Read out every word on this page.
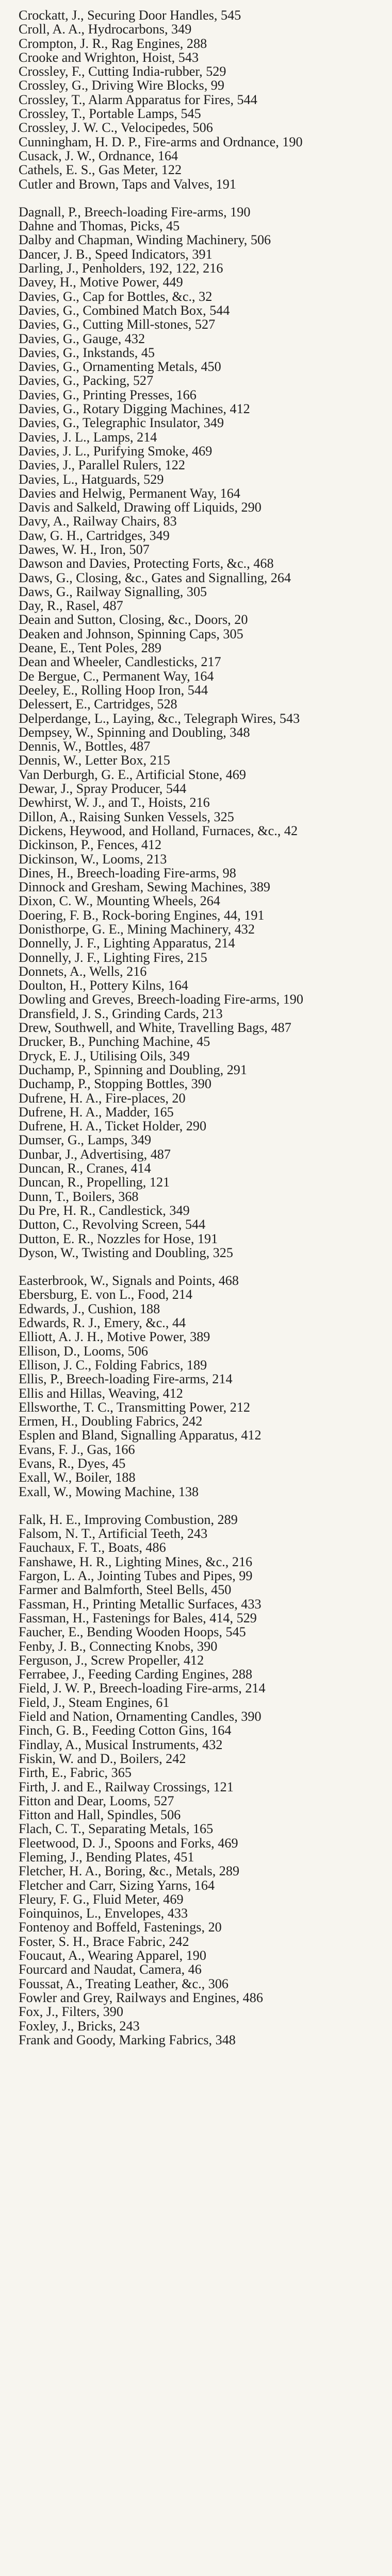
Crockatt, J., Securing Door Handles, 545

Croll, A. A., Hydrocarbons, 349

Crompton, J. R., Rag Engines, 288

Crooke and Wrighton, Hoist, 543

Crossley, F., Cutting India-rubber, 529

Crossley, G., Driving Wire Blocks, 99

Crossley, T., Alarm Apparatus for Fires, 544

Crossley, T., Portable Lamps, 545

Crossley, J. W. C., Velocipedes, 506

Cunningham, H. D. P., Fire-arms and Ordnance, 190

Cusack, J. W., Ordnance, 164

Cathels, E. S., Gas Meter, 122

Cutler and Brown, Taps and Valves, 191

Dagnall, P., Breech-loading Fire-arms, 190

Dahne and Thomas, Picks, 45

Dalby and Chapman, Winding Machinery, 506

Dancer, J. B., Speed Indicators, 391

Darling, J., Penholders, 192, 122, 216

Davey, H., Motive Power, 449

Davies, G., Cap for Bottles, &c., 32

Davies, G., Combined Match Box, 544

Davies, G., Cutting Mill-stones, 527

Davies, G., Gauge, 432

Davies, G., Inkstands, 45

Davies, G., Ornamenting Metals, 450

Davies, G., Packing, 527

Davies, G., Printing Presses, 166

Davies, G., Rotary Digging Machines, 412

Davies, G., Telegraphic Insulator, 349

Davies, J. L., Lamps, 214

Davies, J. L., Purifying Smoke, 469

Davies, J., Parallel Rulers, 122

Davies, L., Hatguards, 529

Davies and Helwig, Permanent Way, 164

Davis and Salkeld, Drawing off Liquids, 290

Davy, A., Railway Chairs, 83

Daw, G. H., Cartridges, 349

Dawes, W. H., Iron, 507

Dawson and Davies, Protecting Forts, &c., 468

Daws, G., Closing, &c., Gates and Signalling, 264

Daws, G., Railway Signalling, 305

Day, R., Rasel, 487

Deain and Sutton, Closing, &c., Doors, 20

Deaken and Johnson, Spinning Caps, 305

Deane, E., Tent Poles, 289

Dean and Wheeler, Candlesticks, 217

De Bergue, C., Permanent Way, 164

Deeley, E., Rolling Hoop Iron, 544

Delessert, E., Cartridges, 528

Delperdange, L., Laying, &c., Telegraph Wires, 543

Dempsey, W., Spinning and Doubling, 348

Dennis, W., Bottles, 487

Dennis, W., Letter Box, 215

Van Derburgh, G. E., Artificial Stone, 469

Dewar, J., Spray Producer, 544

Dewhirst, W. J., and T., Hoists, 216

Dillon, A., Raising Sunken Vessels, 325

Dickens, Heywood, and Holland, Furnaces, &c., 42

Dickinson, P., Fences, 412

Dickinson, W., Looms, 213

Dines, H., Breech-loading Fire-arms, 98

Dinnock and Gresham, Sewing Machines, 389

Dixon, C. W., Mounting Wheels, 264

Doering, F. B., Rock-boring Engines, 44, 191

Donisthorpe, G. E., Mining Machinery, 432

Donnelly, J. F., Lighting Apparatus, 214

Donnelly, J. F., Lighting Fires, 215

Donnets, A., Wells, 216

Doulton, H., Pottery Kilns, 164

Dowling and Greves, Breech-loading Fire-arms, 190

Dransfield, J. S., Grinding Cards, 213

Drew, Southwell, and White, Travelling Bags, 487

Drucker, B., Punching Machine, 45

Dryck, E. J., Utilising Oils, 349

Duchamp, P., Spinning and Doubling, 291

Duchamp, P., Stopping Bottles, 390

Dufrene, H. A., Fire-places, 20

Dufrene, H. A., Madder, 165

Dufrene, H. A., Ticket Holder, 290

Dumser, G., Lamps, 349

Dunbar, J., Advertising, 487

Duncan, R., Cranes, 414

Duncan, R., Propelling, 121

Dunn, T., Boilers, 368

Du Pre, H. R., Candlestick, 349

Dutton, C., Revolving Screen, 544

Dutton, E. R., Nozzles for Hose, 191

Dyson, W., Twisting and Doubling, 325

Easterbrook, W., Signals and Points, 468

Ebersburg, E. von L., Food, 214

Edwards, J., Cushion, 188

Edwards, R. J., Emery, &c., 44

Elliott, A. J. H., Motive Power, 389

Ellison, D., Looms, 506

Ellison, J. C., Folding Fabrics, 189

Ellis, P., Breech-loading Fire-arms, 214

Ellis and Hillas, Weaving, 412

Ellsworthe, T. C., Transmitting Power, 212

Ermen, H., Doubling Fabrics, 242

Esplen and Bland, Signalling Apparatus, 412

Evans, F. J., Gas, 166

Evans, R., Dyes, 45

Exall, W., Boiler, 188

Exall, W., Mowing Machine, 138

Falk, H. E., Improving Combustion, 289

Falsom, N. T., Artificial Teeth, 243

Fauchaux, F. T., Boats, 486

Fanshawe, H. R., Lighting Mines, &c., 216

Fargon, L. A., Jointing Tubes and Pipes, 99

Farmer and Balmforth, Steel Bells, 450

Fassman, H., Printing Metallic Surfaces, 433

Fassman, H., Fastenings for Bales, 414, 529

Faucher, E., Bending Wooden Hoops, 545

Fenby, J. B., Connecting Knobs, 390

Ferguson, J., Screw Propeller, 412

Ferrabee, J., Feeding Carding Engines, 288

Field, J. W. P., Breech-loading Fire-arms, 214

Field, J., Steam Engines, 61

Field and Nation, Ornamenting Candles, 390

Finch, G. B., Feeding Cotton Gins, 164

Findlay, A., Musical Instruments, 432

Fiskin, W. and D., Boilers, 242

Firth, E., Fabric, 365

Firth, J. and E., Railway Crossings, 121

Fitton and Dear, Looms, 527

Fitton and Hall, Spindles, 506

Flach, C. T., Separating Metals, 165

Fleetwood, D. J., Spoons and Forks, 469

Fleming, J., Bending Plates, 451

Fletcher, H. A., Boring, &c., Metals, 289

Fletcher and Carr, Sizing Yarns, 164

Fleury, F. G., Fluid Meter, 469

Foinquinos, L., Envelopes, 433

Fontenoy and Boffeld, Fastenings, 20

Foster, S. H., Brace Fabric, 242

Foucaut, A., Wearing Apparel, 190

Fourcard and Naudat, Camera, 46

Foussat, A., Treating Leather, &c., 306

Fowler and Grey, Railways and Engines, 486

Fox, J., Filters, 390

Foxley, J., Bricks, 243

Frank and Goody, Marking Fabrics, 348
